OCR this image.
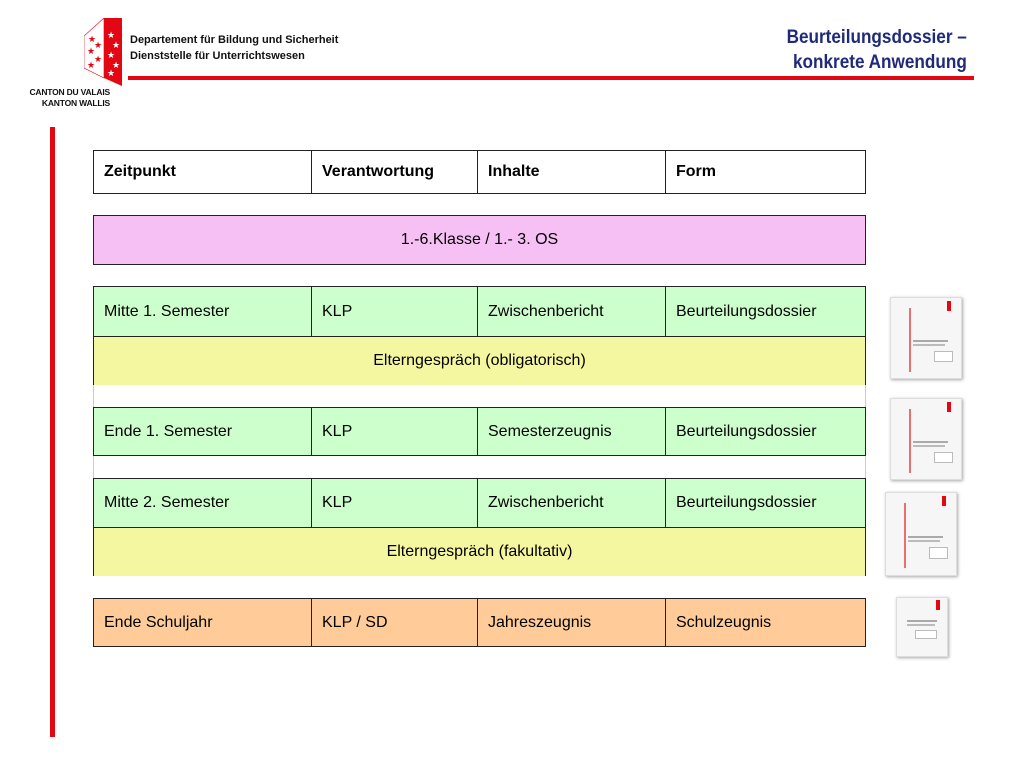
★
★
★
★
★
★
★
★
★
★
CANTON DU VALAIS
KANTON WALLIS
Departement für Bildung und Sicherheit
Dienststelle für Unterrichtswesen
Beurteilungsdossier –
konkrete Anwendung
Zeitpunkt	Verantwortung	Inhalte	Form
1.-6.Klasse / 1.- 3. OS
Mitte 1. Semester	KLP	Zwischenbericht	Beurteilungsdossier
Elterngespräch (obligatorisch)
Ende 1. Semester	KLP	Semesterzeugnis	Beurteilungsdossier
Mitte 2. Semester	KLP	Zwischenbericht	Beurteilungsdossier
Elterngespräch (fakultativ)
Ende Schuljahr	KLP / SD	Jahreszeugnis	Schulzeugnis
